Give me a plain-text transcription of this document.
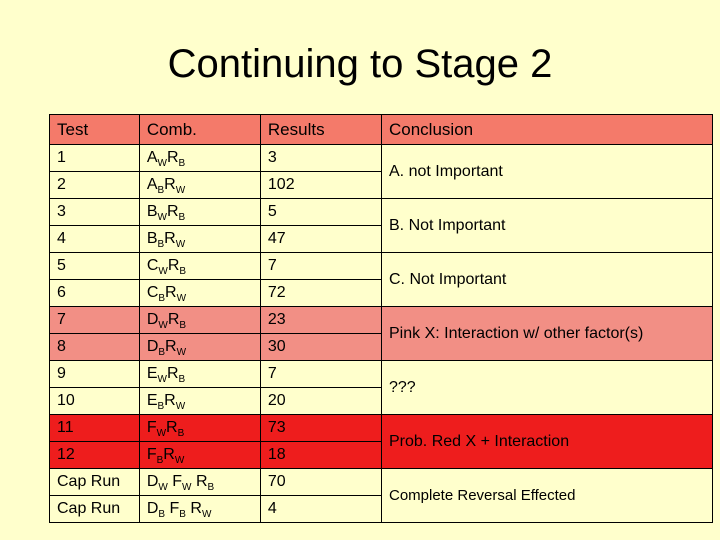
Continuing to Stage 2
Test	Comb.	Results	Conclusion
1	$A_WR_B$	3	A. not Important
2	$A_BR_W$	102	
3	$B_WR_B$	5	B. Not Important
4	$B_BR_W$	47	
5	$C_WR_B$	7	C. Not Important
6	$C_BR_W$	72	
7	$D_WR_B$	23	Pink X: Interaction w/ other factor(s)
8	$D_BR_W$	30	
9	$E_WR_B$	7	???
10	$E_BR_W$	20	
11	$F_WR_B$	73	Prob. Red X + Interaction
12	$F_BR_W$	18	
Cap Run	$D_W$ $F_W$ $R_B$	70	Complete Reversal Effected
Cap Run	$D_B$ $F_B$ $R_W$	4	
